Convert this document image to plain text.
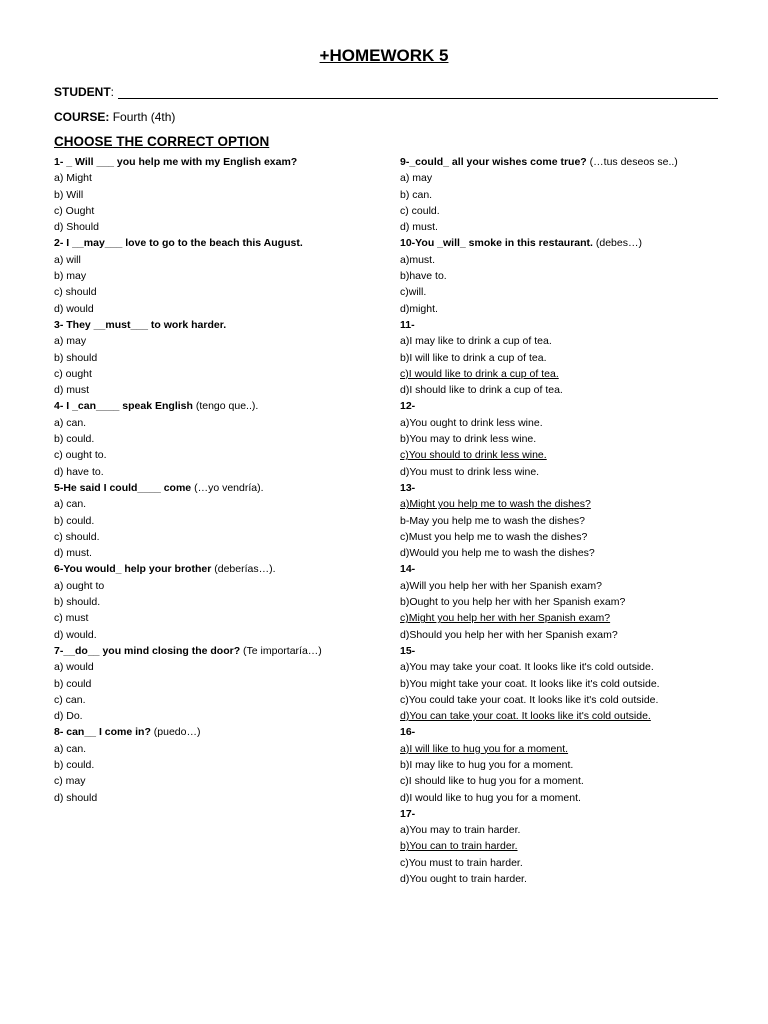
+HOMEWORK 5
STUDENT :
COURSE: Fourth (4th)
CHOOSE THE CORRECT OPTION
1- _ Will ___ you help me with my English exam?
a) Might
b) Will
c) Ought
d) Should
2- I __may___ love to go to the beach this August.
a) will
b) may
c) should
d) would
3- They __must___ to work harder.
a) may
b) should
c) ought
d) must
4- I _can____ speak English (tengo que..).
a) can.
b) could.
c) ought to.
d) have to.
5-He said I could____ come (…yo vendría).
a) can.
b) could.
c) should.
d) must.
6-You would_ help your brother (deberías…).
a) ought to
b) should.
c) must
d) would.
7-__do__ you mind closing the door? (Te importaría…)
a) would
b) could
c) can.
d) Do.
8- can__ I come in? (puedo…)
a) can.
b) could.
c) may
d) should
9-_could_ all your wishes come true? (…tus deseos se..)
a) may
b) can.
c) could.
d) must.
10-You _will_ smoke in this restaurant. (debes…)
a)must.
b)have to.
c)will.
d)might.
11-
a)I may like to drink a cup of tea.
b)I will like to drink a cup of tea.
c)I would like to drink a cup of tea.
d)I should like to drink a cup of tea.
12-
a)You ought to drink less wine.
b)You may to drink less wine.
c)You should to drink less wine.
d)You must to drink less wine.
13-
a)Might you help me to wash the dishes?
b-May you help me to wash the dishes?
c)Must you help me to wash the dishes?
d)Would you help me to wash the dishes?
14-
a)Will you help her with her Spanish exam?
b)Ought to you help her with her Spanish exam?
c)Might you help her with her Spanish exam?
d)Should you help her with her Spanish exam?
15-
a)You may take your coat. It looks like it's cold outside.
b)You might take your coat. It looks like it's cold outside.
c)You could take your coat. It looks like it's cold outside.
d)You can take your coat. It looks like it's cold outside.
16-
a)I will like to hug you for a moment.
b)I may like to hug you for a moment.
c)I should like to hug you for a moment.
d)I would like to hug you for a moment.
17-
a)You may to train harder.
b)You can to train harder.
c)You must to train harder.
d)You ought to train harder.
